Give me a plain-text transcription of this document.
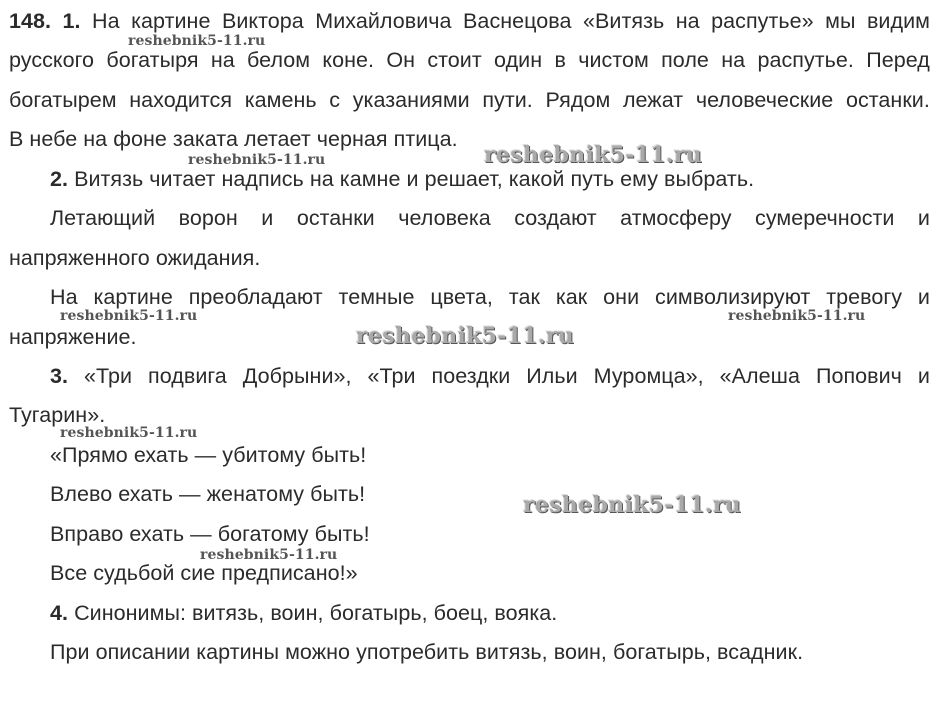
148. 1. На картине Виктора Михайловича Васнецова «Витязь на распутье» мы видим
русского богатыря на белом коне. Он стоит один в чистом поле на распутье. Перед
богатырем находится камень с указаниями пути. Рядом лежат человеческие останки.
В небе на фоне заката летает черная птица.
2. Витязь читает надпись на камне и решает, какой путь ему выбрать.
Летающий ворон и останки человека создают атмосферу сумеречности и
напряженного ожидания.
На картине преобладают темные цвета, так как они символизируют тревогу и
напряжение.
3. «Три подвига Добрыни», «Три поездки Ильи Муромца», «Алеша Попович и
Тугарин».
«Прямо ехать — убитому быть!
Влево ехать — женатому быть!
Вправо ехать — богатому быть!
Все судьбой сие предписано!»
4. Синонимы: витязь, воин, богатырь, боец, вояка.
При описании картины можно употребить витязь, воин, богатырь, всадник.
reshebnik5-11.ru
reshebnik5-11.ru	reshebnik5-11.ru
reshebnik5-11.ru	reshebnik5-11.ru
reshebnik5-11.ru
reshebnik5-11.ru
reshebnik5-11.ru
reshebnik5-11.ru
